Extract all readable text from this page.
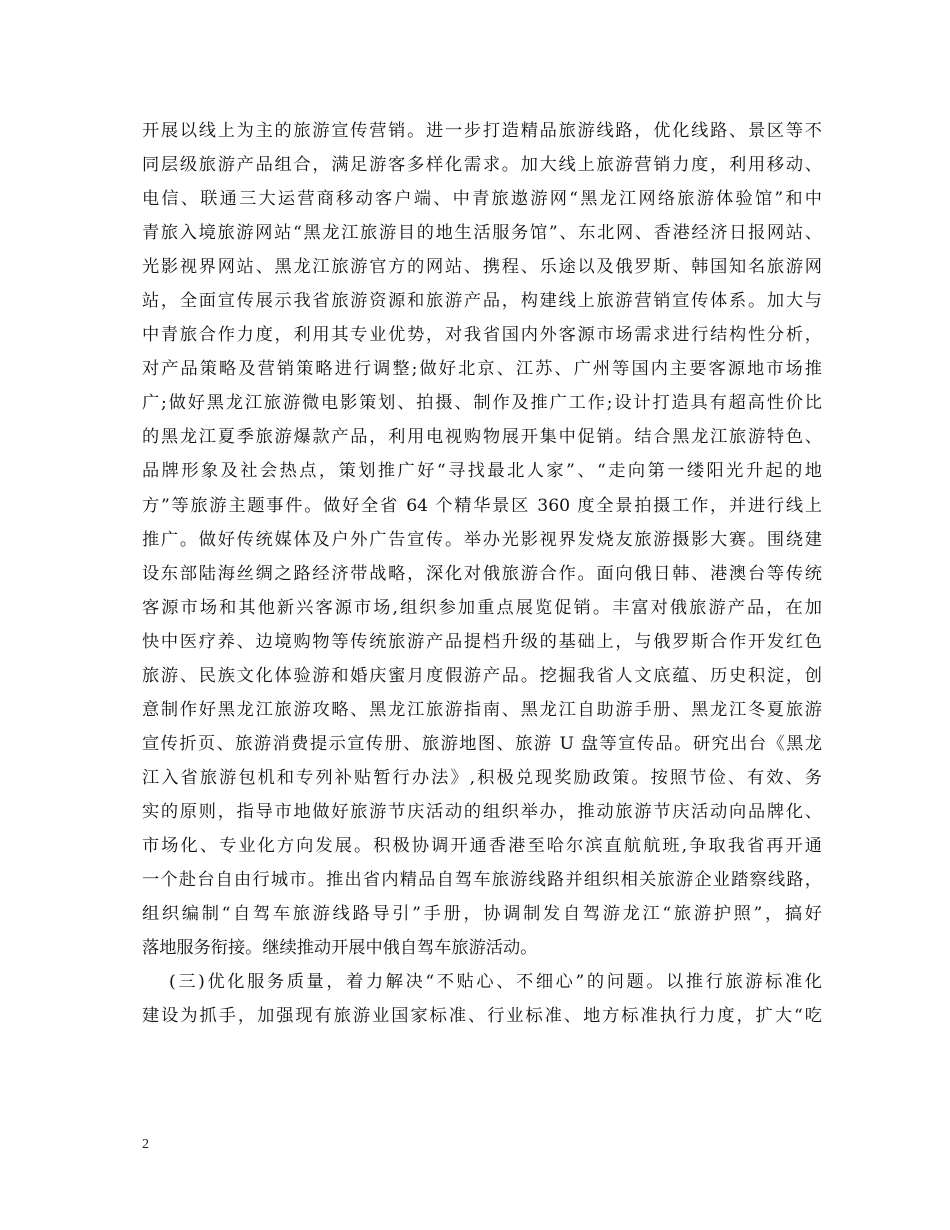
开展以线上为主的旅游宣传营销。进一步打造精品旅游线路，优化线路、景区等不
同层级旅游产品组合，满足游客多样化需求。加大线上旅游营销力度，利用移动、
电信、联通三大运营商移动客户端、中青旅遨游网“黑龙江网络旅游体验馆”和中
青旅入境旅游网站“黑龙江旅游目的地生活服务馆”、东北网、香港经济日报网站、
光影视界网站、黑龙江旅游官方的网站、携程、乐途以及俄罗斯、韩国知名旅游网
站，全面宣传展示我省旅游资源和旅游产品，构建线上旅游营销宣传体系。加大与
中青旅合作力度，利用其专业优势，对我省国内外客源市场需求进行结构性分析，
对产品策略及营销策略进行调整;做好北京、江苏、广州等国内主要客源地市场推
广;做好黑龙江旅游微电影策划、拍摄、制作及推广工作;设计打造具有超高性价比
的黑龙江夏季旅游爆款产品，利用电视购物展开集中促销。结合黑龙江旅游特色、
品牌形象及社会热点，策划推广好“寻找最北人家”、“走向第一缕阳光升起的地
方”等旅游主题事件。做好全省 64 个精华景区 360 度全景拍摄工作，并进行线上
推广。做好传统媒体及户外广告宣传。举办光影视界发烧友旅游摄影大赛。围绕建
设东部陆海丝绸之路经济带战略，深化对俄旅游合作。面向俄日韩、港澳台等传统
客源市场和其他新兴客源市场,组织参加重点展览促销。丰富对俄旅游产品，在加
快中医疗养、边境购物等传统旅游产品提档升级的基础上，与俄罗斯合作开发红色
旅游、民族文化体验游和婚庆蜜月度假游产品。挖掘我省人文底蕴、历史积淀，创
意制作好黑龙江旅游攻略、黑龙江旅游指南、黑龙江自助游手册、黑龙江冬夏旅游
宣传折页、旅游消费提示宣传册、旅游地图、旅游 U 盘等宣传品。研究出台《黑龙
江入省旅游包机和专列补贴暂行办法》,积极兑现奖励政策。按照节俭、有效、务
实的原则，指导市地做好旅游节庆活动的组织举办，推动旅游节庆活动向品牌化、
市场化、专业化方向发展。积极协调开通香港至哈尔滨直航航班,争取我省再开通
一个赴台自由行城市。推出省内精品自驾车旅游线路并组织相关旅游企业踏察线路，
组织编制“自驾车旅游线路导引”手册，协调制发自驾游龙江“旅游护照”，搞好
落地服务衔接。继续推动开展中俄自驾车旅游活动。
(三)优化服务质量，着力解决“不贴心、不细心”的问题。以推行旅游标准化
建设为抓手，加强现有旅游业国家标准、行业标准、地方标准执行力度，扩大“吃
2
